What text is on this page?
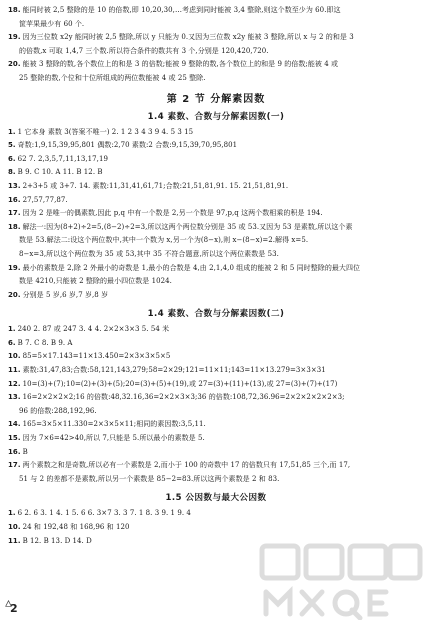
18. 能同时被 2,5 整除的是 10 的倍数,即 10,20,30,…考虑到同时能被 3,4 整除,则这个数至少为 60.即这
筐苹果最少有 60 个.
19. 因为三位数 x2y 能同时被 2,5 整除,所以 y 只能为 0.又因为三位数 x2y 能被 3 整除,所以 x 与 2 的和是 3
的倍数,x 可取 1,4,7 三个数.所以符合条件的数共有 3 个,分别是 120,420,720.
20. 能被 3 整除的数,各个数位上的和是 3 的倍数;能被 9 整除的数,各个数位上的和是 9 的倍数;能被 4 或
25 整除的数,个位和十位所组成的两位数能被 4 或 25 整除.
第 2 节 分解素因数
1.4 素数、合数与分解素因数(一)
1. 1 它本身 素数 3(答案不唯一) 2. 1 2 3 4 3 9 4. 5 3 15
5. 奇数:1,9,15,39,95,801 偶数:2,70 素数:2 合数:9,15,39,70,95,801
6. 62 7. 2,3,5,7,11,13,17,19
8. B 9. C 10. A 11. B 12. B
13. 2+3+5 或 3+7. 14. 素数:11,31,41,61,71;合数:21,51,81,91. 15. 21,51,81,91.
16. 27,57,77,87.
17. 因为 2 是唯一的偶素数,因此 p,q 中有一个数是 2,另一个数是 97,p,q 这两个数相乘的积是 194.
18. 解法一:因为(8+2)÷2=5,(8−2)÷2=3,所以这两个两位数分别是 35 或 53.又因为 53 是素数,所以这个素
数是 53.解法二:设这个两位数中,其中一个数为 x,另一个为(8−x),则 x−(8−x)=2.解得 x=5.
8−x=3,所以这个两位数为 35 或 53,其中 35 不符合题意,所以这个两位素数是 53.
19. 最小的素数是 2,除 2 外最小的奇数是 1,最小的合数是 4,由 2,1,4,0 组成的能被 2 和 5 同时整除的最大四位
数是 4210,只能被 2 整除的最小四位数是 1024.
20. 分别是 5 岁,6 岁,7 岁,8 岁
1.4 素数、合数与分解素因数(二)
1. 240 2. 87 或 247 3. 4 4. 2×2×3×3 5. 54 米
6. B 7. C 8. B 9. A
10. 85=5×17.143=11×13.450=2×3×3×5×5
11. 素数:31,47,83;合数:58,121,143,279;58=2×29;121=11×11;143=11×13.279=3×3×31
12. 10=(3)+(7);10=(2)+(3)+(5);20=(3)+(5)+(19),或 27=(3)+(11)+(13),或 27=(3)+(7)+(17)
13. 16=2×2×2×2;16 的倍数:48,32.16,36=2×2×3×3;36 的倍数:108,72,36.96=2×2×2×2×2×3;
96 的倍数:288,192,96.
14. 165=3×5×11.330=2×3×5×11;相同的素因数:3,5,11.
15. 因为 7×6=42>40,所以 7,只能是 5.所以最小的素数是 5.
16. B
17. 两个素数之和是奇数,所以必有一个素数是 2,而小于 100 的奇数中 17 的倍数只有 17,51,85 三个,而 17,
51 与 2 的差都不是素数,所以另一个素数是 85−2=83.所以这两个素数是 2 和 83.
1.5 公因数与最大公因数
1. 6 2. 6 3. 1 4. 1 5. 6 6. 3×7 3. 3 7. 1 8. 3 9. 1 9. 4
10. 24 和 192,48 和 168,96 和 120
11. B 12. B 13. D 14. D
2
